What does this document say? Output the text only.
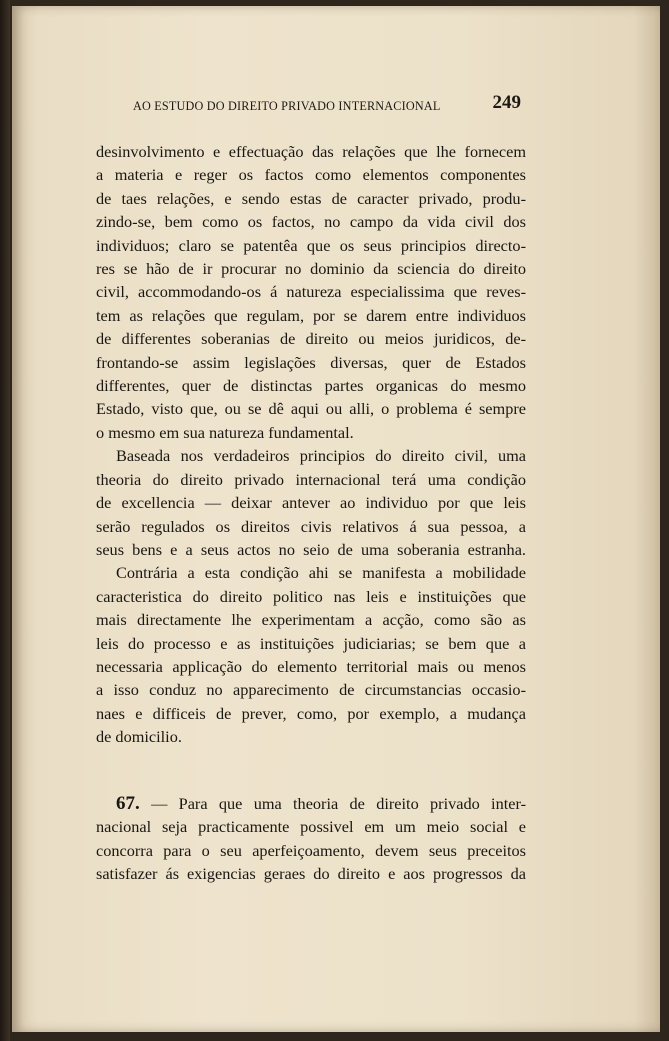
AO ESTUDO DO DIREITO PRIVADO INTERNACIONAL	249

desinvolvimento e effectuação das relações que lhe fornecem
a materia e reger os factos como elementos componentes
de taes relações, e sendo estas de caracter privado, produ-
zindo-se, bem como os factos, no campo da vida civil dos
individuos; claro se patentêa que os seus principios directo-
res se hão de ir procurar no dominio da sciencia do direito
civil, accommodando-os á natureza especialissima que reves-
tem as relações que regulam, por se darem entre individuos
de differentes soberanias de direito ou meios juridicos, de-
frontando-se assim legislações diversas, quer de Estados
differentes, quer de distinctas partes organicas do mesmo
Estado, visto que, ou se dê aqui ou alli, o problema é sempre
o mesmo em sua natureza fundamental.

Baseada nos verdadeiros principios do direito civil, uma
theoria do direito privado internacional terá uma condição
de excellencia — deixar antever ao individuo por que leis
serão regulados os direitos civis relativos á sua pessoa, a
seus bens e a seus actos no seio de uma soberania estranha.

Contrária a esta condição ahi se manifesta a mobilidade
caracteristica do direito politico nas leis e instituições que
mais directamente lhe experimentam a acção, como são as
leis do processo e as instituições judiciarias; se bem que a
necessaria applicação do elemento territorial mais ou menos
a isso conduz no apparecimento de circumstancias occasio-
naes e difficeis de prever, como, por exemplo, a mudança
de domicilio.

67. — Para que uma theoria de direito privado inter-
nacional seja practicamente possivel em um meio social e
concorra para o seu aperfeiçoamento, devem seus preceitos
satisfazer ás exigencias geraes do direito e aos progressos da
